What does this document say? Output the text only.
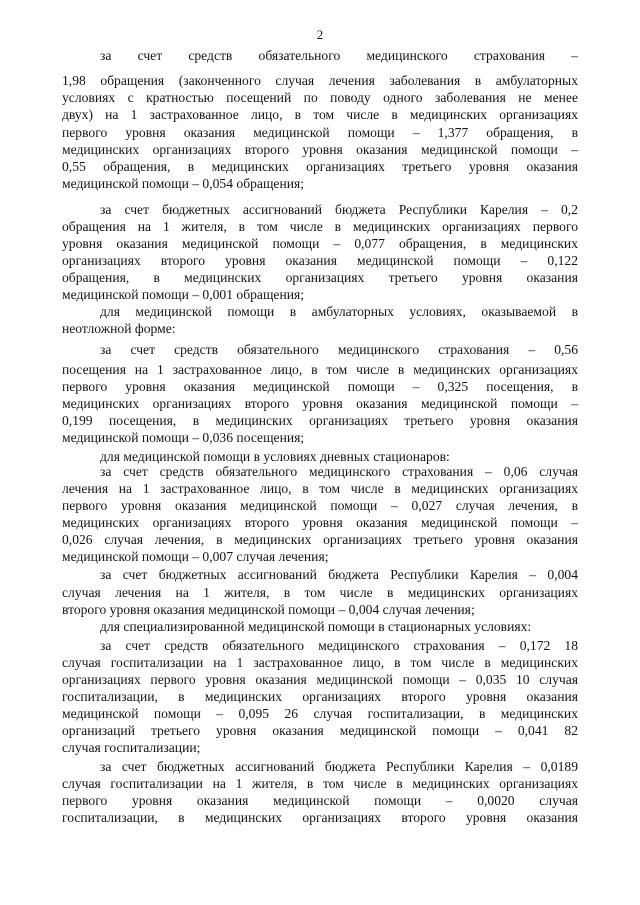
2
за счет средств обязательного медицинского страхования –
1,98 обращения (законченного случая лечения заболевания в амбулаторных
условиях с кратностью посещений по поводу одного заболевания не менее
двух) на 1 застрахованное лицо, в том числе в медицинских организациях
первого уровня оказания медицинской помощи – 1,377 обращения, в
медицинских организациях второго уровня оказания медицинской помощи –
0,55 обращения, в медицинских организациях третьего уровня оказания
медицинской помощи – 0,054 обращения;
за счет бюджетных ассигнований бюджета Республики Карелия – 0,2
обращения на 1 жителя, в том числе в медицинских организациях первого
уровня оказания медицинской помощи – 0,077 обращения, в медицинских
организациях второго уровня оказания медицинской помощи – 0,122
обращения, в медицинских организациях третьего уровня оказания
медицинской помощи – 0,001 обращения;
для медицинской помощи в амбулаторных условиях, оказываемой в
неотложной форме:
за счет средств обязательного медицинского страхования – 0,56
посещения на 1 застрахованное лицо, в том числе в медицинских организациях
первого уровня оказания медицинской помощи – 0,325 посещения, в
медицинских организациях второго уровня оказания медицинской помощи –
0,199 посещения, в медицинских организациях третьего уровня оказания
медицинской помощи – 0,036 посещения;
для медицинской помощи в условиях дневных стационаров:
за счет средств обязательного медицинского страхования – 0,06 случая
лечения на 1 застрахованное лицо, в том числе в медицинских организациях
первого уровня оказания медицинской помощи – 0,027 случая лечения, в
медицинских организациях второго уровня оказания медицинской помощи –
0,026 случая лечения, в медицинских организациях третьего уровня оказания
медицинской помощи – 0,007 случая лечения;
за счет бюджетных ассигнований бюджета Республики Карелия – 0,004
случая лечения на 1 жителя, в том числе в медицинских организациях
второго уровня оказания медицинской помощи – 0,004 случая лечения;
для специализированной медицинской помощи в стационарных условиях:
за счет средств обязательного медицинского страхования – 0,172 18
случая госпитализации на 1 застрахованное лицо, в том числе в медицинских
организациях первого уровня оказания медицинской помощи – 0,035 10 случая
госпитализации, в медицинских организациях второго уровня оказания
медицинской помощи – 0,095 26 случая госпитализации, в медицинских
организаций третьего уровня оказания медицинской помощи – 0,041 82
случая госпитализации;
за счет бюджетных ассигнований бюджета Республики Карелия – 0,0189
случая госпитализации на 1 жителя, в том числе в медицинских организациях
первого уровня оказания медицинской помощи – 0,0020 случая
госпитализации, в медицинских организациях второго уровня оказания
